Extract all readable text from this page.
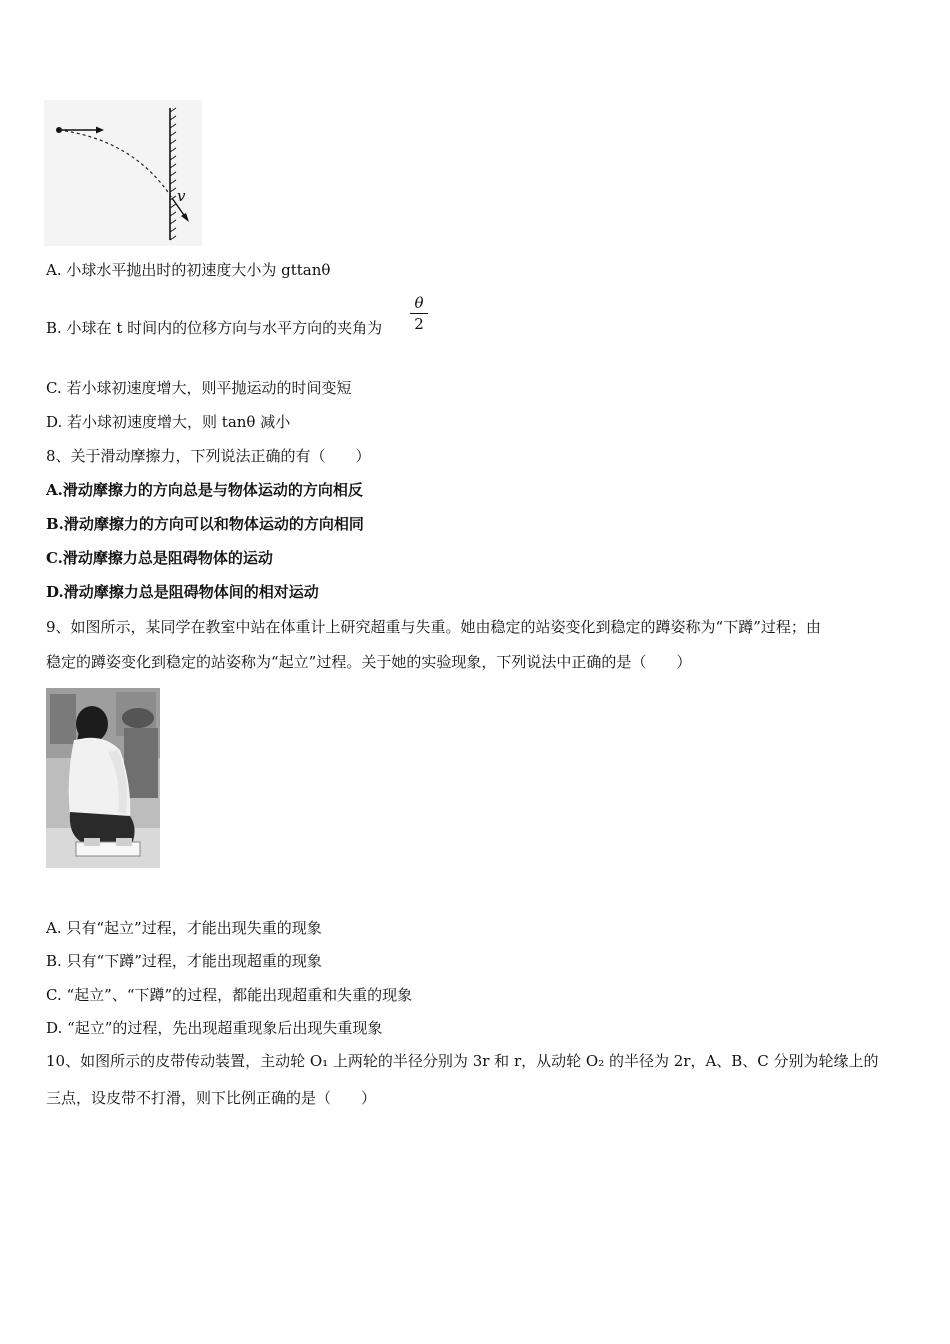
v
A. 小球水平抛出时的初速度大小为 gttanθ
B. 小球在 t 时间内的位移方向与水平方向的夹角为
θ
2
C. 若小球初速度增大，则平抛运动的时间变短
D. 若小球初速度增大，则 tanθ 减小
8、关于滑动摩擦力，下列说法正确的有（　　）
A.滑动摩擦力的方向总是与物体运动的方向相反
B.滑动摩擦力的方向可以和物体运动的方向相同
C.滑动摩擦力总是阻碍物体的运动
D.滑动摩擦力总是阻碍物体间的相对运动
9、如图所示，某同学在教室中站在体重计上研究超重与失重。她由稳定的站姿变化到稳定的蹲姿称为“下蹲”过程；由
稳定的蹲姿变化到稳定的站姿称为“起立”过程。关于她的实验现象，下列说法中正确的是（　　）
A. 只有“起立”过程，才能出现失重的现象
B. 只有“下蹲”过程，才能出现超重的现象
C. “起立”、“下蹲”的过程，都能出现超重和失重的现象
D. “起立”的过程，先出现超重现象后出现失重现象
10、如图所示的皮带传动装置，主动轮 O₁ 上两轮的半径分别为 3r 和 r，从动轮 O₂ 的半径为 2r，A、B、C 分别为轮缘上的
三点，设皮带不打滑，则下比例正确的是（　　）
